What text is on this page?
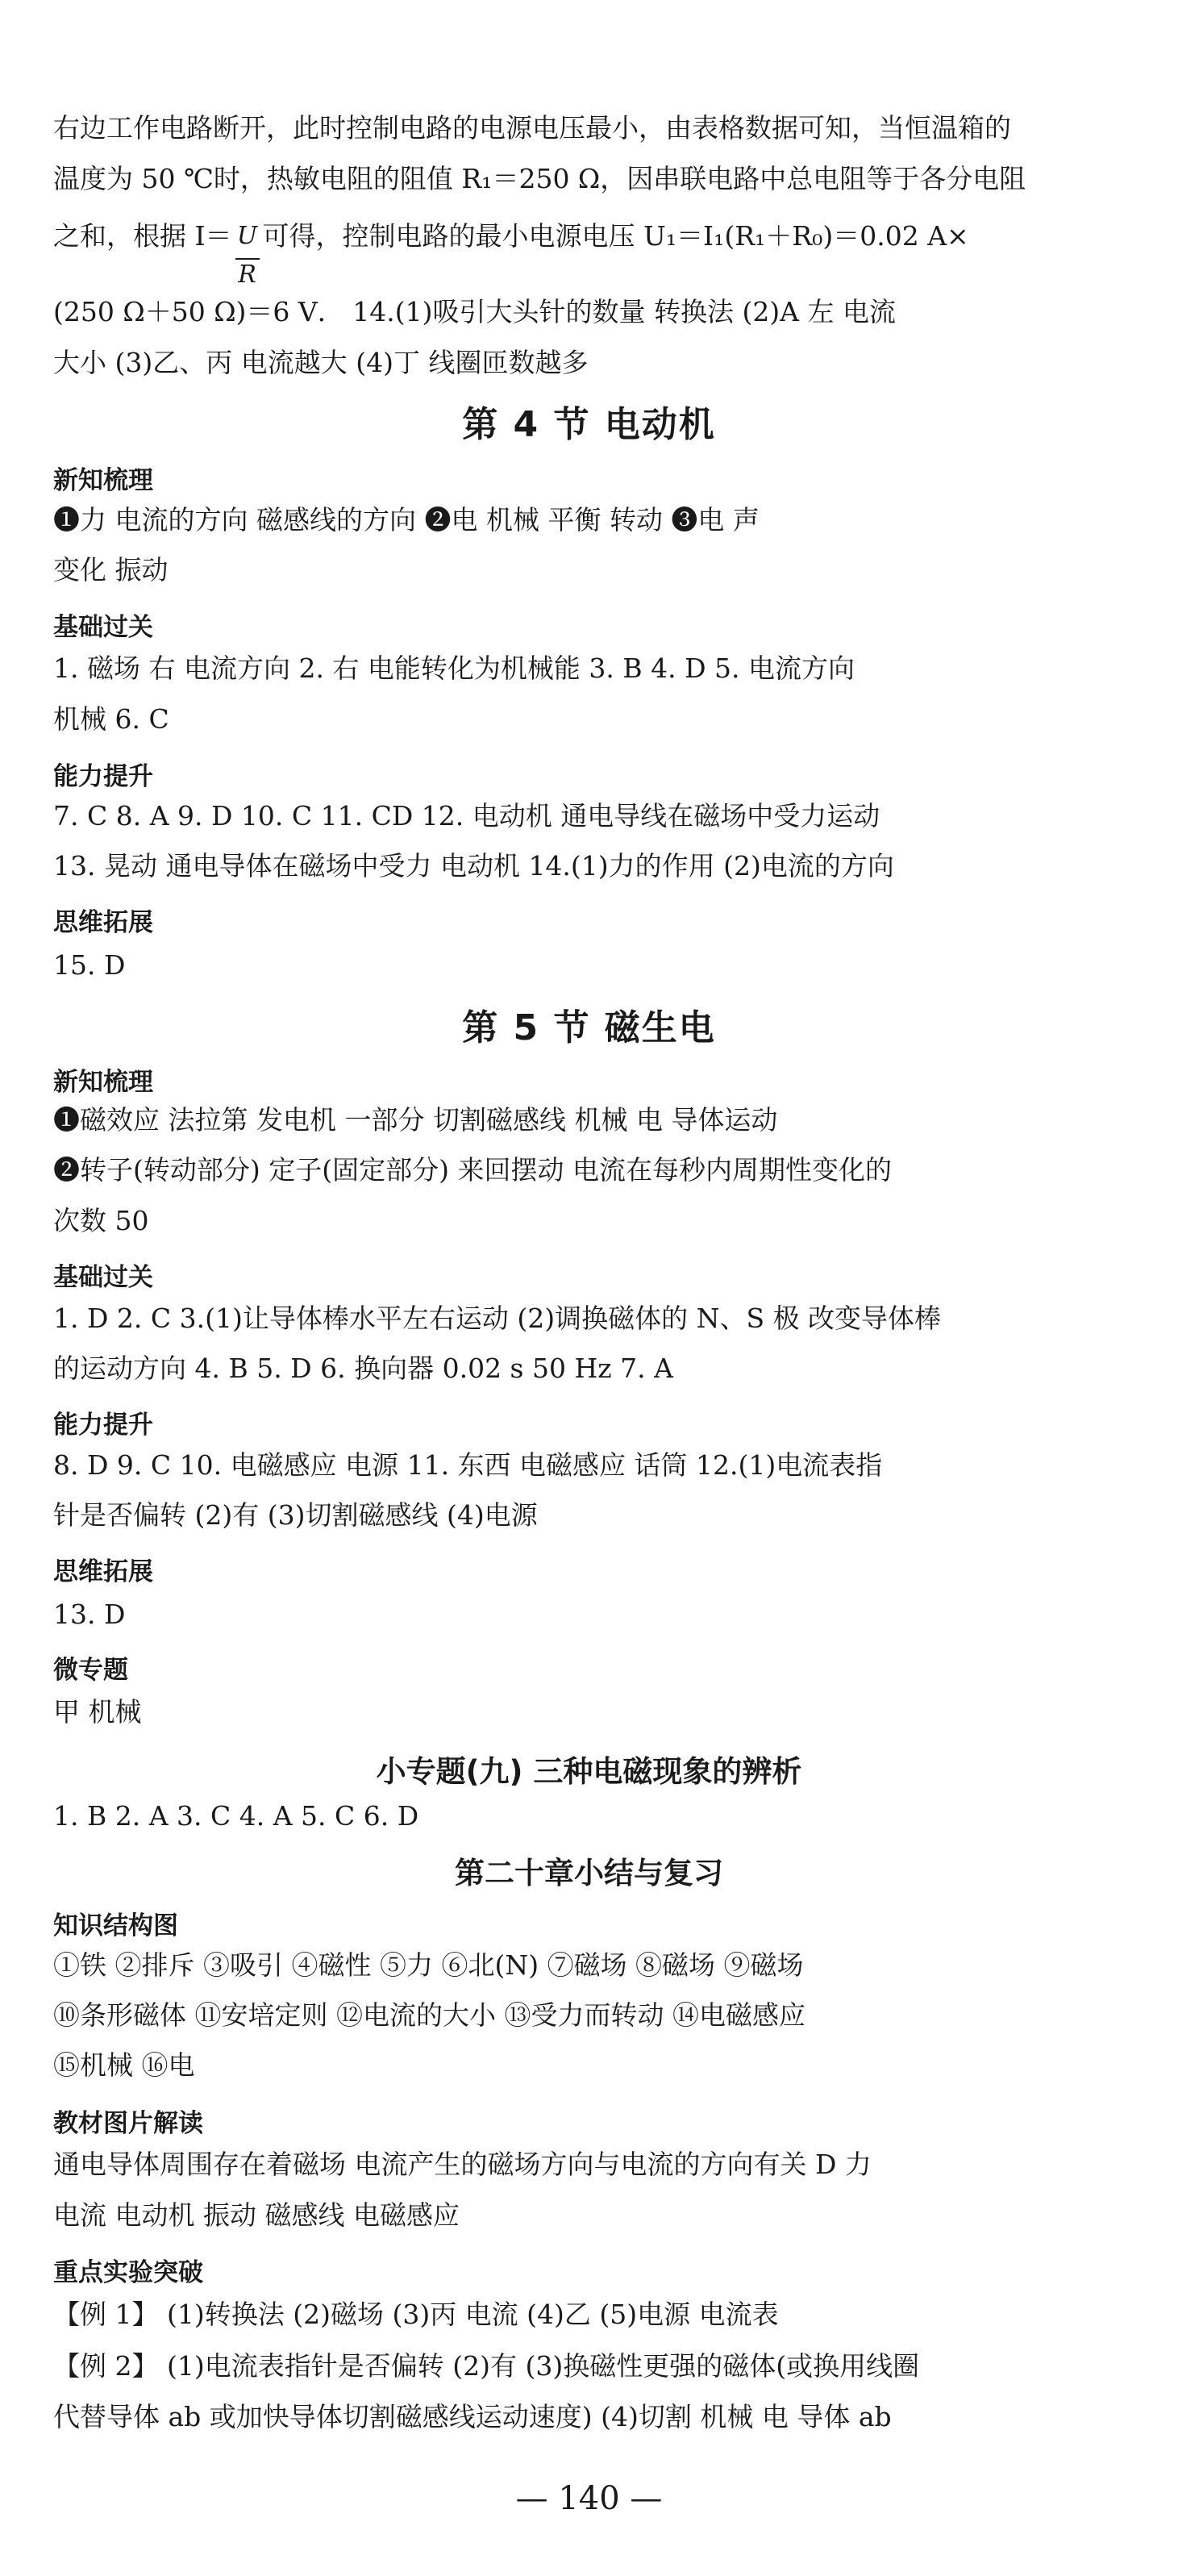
右边工作电路断开，此时控制电路的电源电压最小，由表格数据可知，当恒温箱的
温度为 50 ℃时，热敏电阻的阻值 R₁＝250 Ω，因串联电路中总电阻等于各分电阻
之和，根据 I＝
$\frac{U}{R}$
可得，控制电路的最小电源电压 U₁＝I₁(R₁＋R₀)＝0.02 A×
(250 Ω＋50 Ω)＝6 V． 14.(1)吸引大头针的数量 转换法 (2)A 左 电流
大小 (3)乙、丙 电流越大 (4)丁 线圈匝数越多
第 4 节 电动机
新知梳理
❶力 电流的方向 磁感线的方向 ❷电 机械 平衡 转动 ❸电 声
变化 振动
基础过关
1. 磁场 右 电流方向 2. 右 电能转化为机械能 3. B 4. D 5. 电流方向
机械 6. C
能力提升
7. C 8. A 9. D 10. C 11. CD 12. 电动机 通电导线在磁场中受力运动
13. 晃动 通电导体在磁场中受力 电动机 14.(1)力的作用 (2)电流的方向
思维拓展
15. D
第 5 节 磁生电
新知梳理
❶磁效应 法拉第 发电机 一部分 切割磁感线 机械 电 导体运动
❷转子(转动部分) 定子(固定部分) 来回摆动 电流在每秒内周期性变化的
次数 50
基础过关
1. D 2. C 3.(1)让导体棒水平左右运动 (2)调换磁体的 N、S 极 改变导体棒
的运动方向 4. B 5. D 6. 换向器 0.02 s 50 Hz 7. A
能力提升
8. D 9. C 10. 电磁感应 电源 11. 东西 电磁感应 话筒 12.(1)电流表指
针是否偏转 (2)有 (3)切割磁感线 (4)电源
思维拓展
13. D
微专题
甲 机械
小专题(九) 三种电磁现象的辨析
1. B 2. A 3. C 4. A 5. C 6. D
第二十章小结与复习
知识结构图
①铁 ②排斥 ③吸引 ④磁性 ⑤力 ⑥北(N) ⑦磁场 ⑧磁场 ⑨磁场
⑩条形磁体 ⑪安培定则 ⑫电流的大小 ⑬受力而转动 ⑭电磁感应
⑮机械 ⑯电
教材图片解读
通电导体周围存在着磁场 电流产生的磁场方向与电流的方向有关 D 力
电流 电动机 振动 磁感线 电磁感应
重点实验突破
【例 1】 (1)转换法 (2)磁场 (3)丙 电流 (4)乙 (5)电源 电流表
【例 2】 (1)电流表指针是否偏转 (2)有 (3)换磁性更强的磁体(或换用线圈
代替导体 ab 或加快导体切割磁感线运动速度) (4)切割 机械 电 导体 ab
— 140 —
